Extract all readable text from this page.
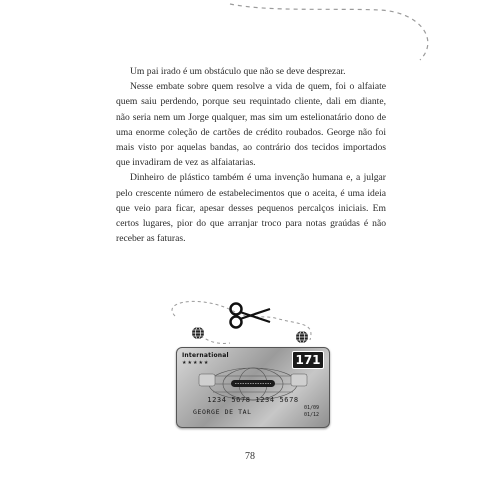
Um pai irado é um obstáculo que não se deve desprezar.

Nesse embate sobre quem resolve a vida de quem, foi o alfaiate quem saiu perdendo, porque seu requintado cliente, dali em diante, não seria nem um Jorge qualquer, mas sim um estelionatário dono de uma enorme coleção de cartões de crédito roubados. George não foi mais visto por aquelas bandas, ao contrário dos tecidos importados que invadiram de vez as alfaiatarias.

Dinheiro de plástico também é uma invenção humana e, a julgar pelo crescente número de estabelecimentos que o aceita, é uma ideia que veio para ficar, apesar desses pequenos percalços iniciais. Em certos lugares, pior do que arranjar troco para notas graúdas é não receber as faturas.

International
★★★★★	171
1234 5678 1234 5678
GEORGE DE TAL	01/09
01/12
78
